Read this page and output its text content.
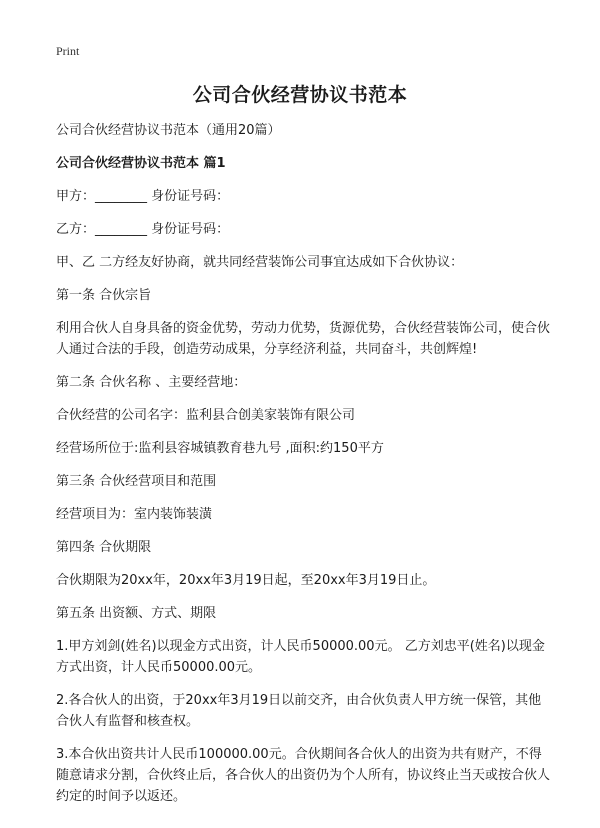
Print
公司合伙经营协议书范本

公司合伙经营协议书范本（通用20篇）

公司合伙经营协议书范本 篇1

甲方：________ 身份证号码：

乙方：________ 身份证号码：

甲、乙 二方经友好协商，就共同经营装饰公司事宜达成如下合伙协议：

第一条 合伙宗旨

利用合伙人自身具备的资金优势，劳动力优势，货源优势，合伙经营装饰公司，使合伙人通过合法的手段，创造劳动成果，分享经济利益，共同奋斗，共创辉煌!

第二条 合伙名称 、主要经营地：

合伙经营的公司名字：监利县合创美家装饰有限公司

经营场所位于:监利县容城镇教育巷九号 ,面积:约150平方

第三条 合伙经营项目和范围

经营项目为：室内装饰装潢

第四条 合伙期限

合伙期限为20xx年，20xx年3月19日起，至20xx年3月19日止。

第五条 出资额、方式、期限

1.甲方刘剑(姓名)以现金方式出资，计人民币50000.00元。 乙方刘忠平(姓名)以现金方式出资，计人民币50000.00元。

2.各合伙人的出资，于20xx年3月19日以前交齐，由合伙负责人甲方统一保管，其他合伙人有监督和核查权。

3.本合伙出资共计人民币100000.00元。合伙期间各合伙人的出资为共有财产，不得随意请求分割，合伙终止后，各合伙人的出资仍为个人所有，协议终止当天或按合伙人约定的时间予以返还。
